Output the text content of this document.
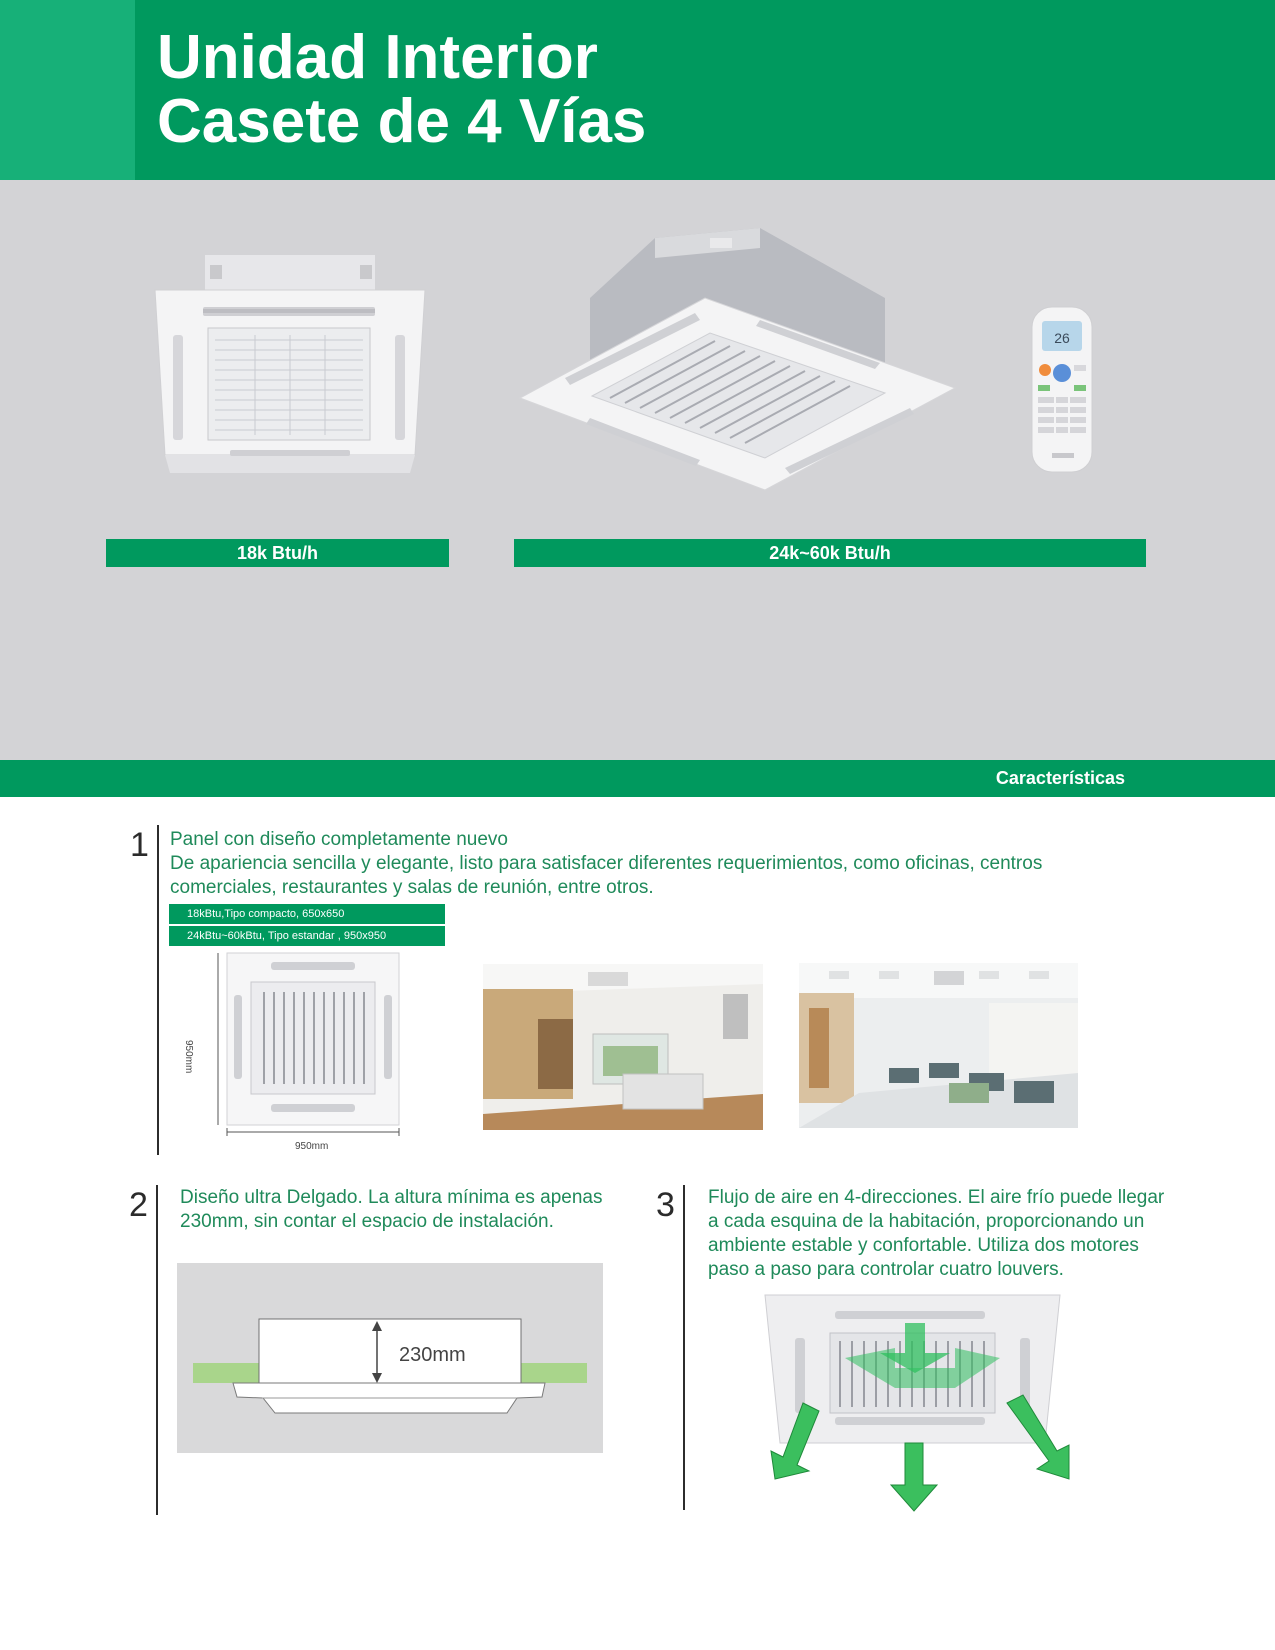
Unidad Interior
Casete de 4 Vías
26
18k Btu/h	24k~60k Btu/h
Características
1 Panel con diseño completamente nuevo
De apariencia sencilla y elegante, listo para satisfacer diferentes requerimientos, como oficinas, centros
comerciales, restaurantes y salas de reunión, entre otros.
18kBtu,Tipo compacto, 650x650
24kBtu~60kBtu, Tipo estandar , 950x950
950mm
950mm
2 Diseño ultra Delgado. La altura mínima es apenas
230mm, sin contar el espacio de instalación.
230mm
3 Flujo de aire en 4-direcciones. El aire frío puede llegar
a cada esquina de la habitación, proporcionando un
ambiente estable y confortable. Utiliza dos motores
paso a paso para controlar cuatro louvers.
